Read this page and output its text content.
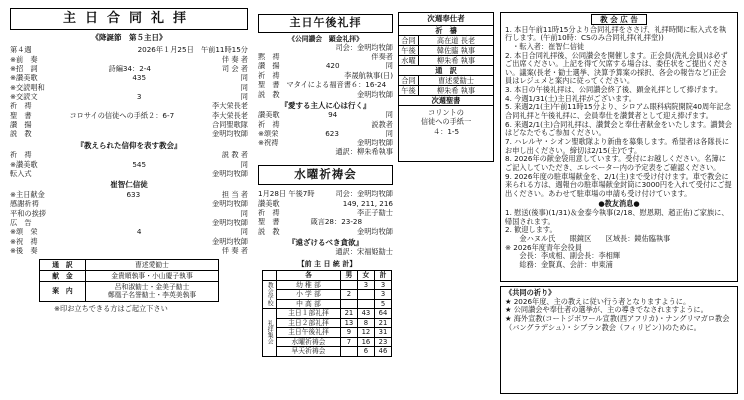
主日合同礼拝
《降誕節　第５主日》
第４週	2026年１月25日　午前11時15分
※前　奏	伴 奏 者
※招　詞	詩編34：2-4	司 会 者
※讃美歌	435	同
※交読唱和	同
※交読文	3	同
祈　祷	李大栄長老
聖　書	コロサイの信徒への手紙２：6-7	李大栄長老
讃　揚	合同聖歌隊
説　教	金明均牧師
『教えられた信仰を表す教会』
祈　祷	説 教 者
※讃美歌	545	同
転入式	金明均牧師
崔智仁信徒
※主日献金	633	担 当 者
感謝祈祷	金明均牧師
平和の挨拶	同
広　告	金明均牧師
※頌　栄	4	同
※祝　祷	金明均牧師
※後　奏	伴 奏 者
通　訳	曺述愛勧士
献　金	金貴順執事・小山慶子執事
案　内	呂和淑勧士・金美子勧士
鄭凰子名誉勧士・李英美執事
※印お立ちできる方はご起立下さい
主日午後礼拝
《公同讃会　顕金礼拝》
司会：金明均牧師
黙　祷	伴奏者
讃　揚	420	同
祈　祷	李晟航執事(日)
聖　書 マタイによる福音書６：16-24
説　教	金明均牧師
『愛する主人に心は行く』
讃美歌	94	同
祈　祷	説教者
※頌栄	623	同
※祝祷	金明均牧師
通訳：柳朱希執事
水曜祈祷会
1月28日 午後7時	司会：金明均牧師
讃美歌	149, 211, 216
祈　祷	李正子勧士
聖　書	箴言28：23-28
説　教	金明均牧師
『遠ざけるべき貪欲』
通訳：宋福姫勧士
次週奉仕者
祈　禱
合同	高在道 長老
午後	韓佐臨 執事
水曜	柳朱希 執事
通　訳
合同	曺述愛勧士
午後	柳朱希 執事
次週聖書
コリントの
信徒への手紙一
４：1-5
【前 主 日 統 計】
	各	男	女	計
教会学校	幼 稚 部		3	3
	小 学 部	2		3
	中 高 部			5
礼拝集会	主日１部礼拝	21	43	64
	主日２部礼拝	13	8	21
	主日午後礼拝	9	12	31
	水曜祈祷会	7	16	23
	早天祈祷会		6	46
教 会 広 告

1. 本日午前11時15分より合同礼拝をささげ、礼拝時間に転入式を執行します。(午前10時：CSのみ合同礼拝(礼拝堂))

　・転入者：崔智仁信徒

2. 本日合同礼拝後、公同讃会を開催します。正会員(洗礼会員)は必ずご出席ください。上記を得て欠席する場合は、委任状をご提出ください。議案(長老・勧士選挙、決算予算案の採択、各会の報告など)正会員はレジュメと案内に従ってください。

3. 本日の午後礼拝は、公同讃会終了後、顕金礼拝として捧げます。

4. 今週1/31(土)主日礼拝がございます。

5. 来週2/1(主)午前11時15分より、シロアム眼科病院開院40周年記念合同礼拝と午後礼拝に、会員奉仕を讃賛者として迎え捧げます。

6. 来週2/1(主)合同礼拝は、讃賛会と奉仕者献金をいたします。讃賛会はどなたでもご参加ください。

7. ハレルヤ・シオン聖歌隊より新曲を募集します。希望者は各隊長にお申し出ください。締切は2/15(主)です。

8. 2026年の献金袋用意しています。受付にお越しください。名簿にご記入していただき、エレベーター内の予定表をご確認ください。

9. 2026年度の駐車場献金を、2/1(主)まで受け付けます。車で教会に来られる方は、週報台の駐車場献金封筒に3000円を入れて受付にご提出ください。あわせて駐車場の申請も受け付けています。

●教友消息●

1. 慰送(後事)(1/31)＆金泰今執事(2/18、慰恩期、趙正佑)ご家族に、帰国されます。

2. 歓迎します。

　　金ハヌル氏　　眼鏡区　　区域長：鏡佑臨執事

※ 2026年度青年会役員

　　会長：李成相、副会長：李相輝

　　総務：金賢真、会計：申東浦

《共同の祈り》

★ 2026年度、主の教えに従い行う者となりますように。

★ 公同讃会や奉仕者の選挙が、主の導きでなされますように。

★ 海外宣教(コートジボワール宣教(西アフリカ)・ナングリマガロ教会（バングラデシュ）・シブラン教会（フィリピン）)のために。
